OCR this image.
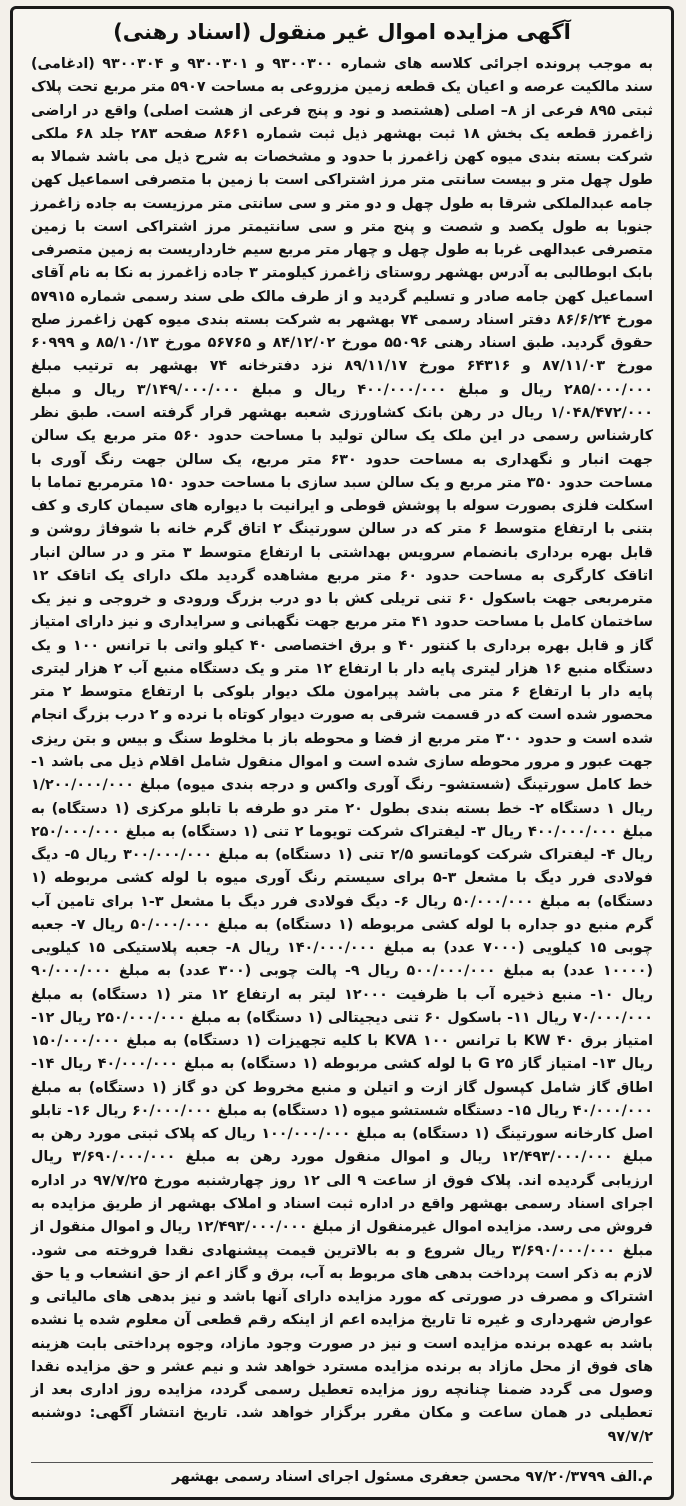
آگهی مزایده اموال غیر منقول (اسناد رهنی)
به موجب پرونده اجرائی کلاسه های شماره ۹۳۰۰۳۰۰ و ۹۳۰۰۳۰۱ و ۹۳۰۰۳۰۴ (ادغامی) سند مالکیت عرصه و اعیان یک قطعه زمین مزروعی به مساحت ۵۹۰۷ متر مربع تحت پلاک ثبتی ۸۹۵ فرعی از ۸– اصلی (هشتصد و نود و پنج فرعی از هشت اصلی) واقع در اراضی زاغمرز قطعه یک بخش ۱۸ ثبت بهشهر ذیل ثبت شماره ۸۶۶۱ صفحه ۲۸۳ جلد ۶۸ ملکی شرکت بسته بندی میوه کهن زاغمرز با حدود و مشخصات به شرح ذیل می باشد شمالا به طول چهل متر و بیست سانتی متر مرز اشتراکی است با زمین با متصرفی اسماعیل کهن جامه عبدالملکی شرقا به طول چهل و دو متر و سی سانتی متر مرزیست به جاده زاغمرز جنوبا به طول یکصد و شصت و پنج متر و سی سانتیمتر مرز اشتراکی است با زمین متصرفی عبدالهی غربا به طول چهل و چهار متر مربع سیم خارداریست به زمین متصرفی بابک ابوطالبی به آدرس بهشهر روستای زاغمرز کیلومتر ۳ جاده زاغمرز به نکا به نام آقای اسماعیل کهن جامه صادر و تسلیم گردید و از طرف مالک طی سند رسمی شماره ۵۷۹۱۵ مورخ ۸۶/۶/۲۴ دفتر اسناد رسمی ۷۴ بهشهر به شرکت بسته بندی میوه کهن زاغمرز صلح حقوق گردید. طبق اسناد رهنی ۵۵۰۹۶ مورخ ۸۴/۱۲/۰۲ و ۵۶۷۶۵ مورخ ۸۵/۱۰/۱۳ و ۶۰۹۹۹ مورخ ۸۷/۱۱/۰۳ و ۶۴۳۱۶ مورخ ۸۹/۱۱/۱۷ نزد دفترخانه ۷۴ بهشهر به ترتیب مبلغ ۲۸۵/۰۰۰/۰۰۰ ریال و مبلغ ۴۰۰/۰۰۰/۰۰۰ ریال و مبلغ ۳/۱۴۹/۰۰۰/۰۰۰ ریال و مبلغ ۱/۰۴۸/۴۷۲/۰۰۰ ریال در رهن بانک کشاورزی شعبه بهشهر قرار گرفته است. طبق نظر کارشناس رسمی در این ملک یک سالن تولید با مساحت حدود ۵۶۰ متر مربع یک سالن جهت انبار و نگهداری به مساحت حدود ۶۳۰ متر مربع، یک سالن جهت رنگ آوری با مساحت حدود ۳۵۰ متر مربع و یک سالن سبد سازی با مساحت حدود ۱۵۰ مترمربع تماما با اسکلت فلزی بصورت سوله با پوشش قوطی و ایرانیت با دیواره های سیمان کاری و کف بتنی با ارتفاع متوسط ۶ متر که در سالن سورتینگ ۲ اتاق گرم خانه با شوفاژ روشن و قابل بهره برداری بانضمام سرویس بهداشتی با ارتفاع متوسط ۳ متر و در سالن انبار اتاقک کارگری به مساحت حدود ۶۰ متر مربع مشاهده گردید ملک دارای یک اتاقک ۱۲ مترمربعی جهت باسکول ۶۰ تنی تریلی کش با دو درب بزرگ ورودی و خروجی و نیز یک ساختمان کامل با مساحت حدود ۴۱ متر مربع جهت نگهبانی و سرایداری و نیز دارای امتیاز گاز و قابل بهره برداری با کنتور ۴۰ و برق اختصاصی ۴۰ کیلو واتی با ترانس ۱۰۰ و یک دستگاه منبع ۱۶ هزار لیتری پایه دار با ارتفاع ۱۲ متر و یک دستگاه منبع آب ۲ هزار لیتری پایه دار با ارتفاع ۶ متر می باشد پیرامون ملک دیوار بلوکی با ارتفاع متوسط ۲ متر محصور شده است که در قسمت شرقی به صورت دیوار کوتاه با نرده و ۲ درب بزرگ انجام شده است و حدود ۳۰۰ متر مربع از فضا و محوطه باز با مخلوط سنگ و بیس و بتن ریزی جهت عبور و مرور محوطه سازی شده است و اموال منقول شامل اقلام ذیل می باشد ۱- خط کامل سورتینگ (شستشو– رنگ آوری واکس و درجه بندی میوه) مبلغ ۱/۲۰۰/۰۰۰/۰۰۰ ریال ۱ دستگاه ۲- خط بسته بندی بطول ۲۰ متر دو طرفه با تابلو مرکزی (۱ دستگاه) به مبلغ ۴۰۰/۰۰۰/۰۰۰ ریال ۳- لیفتراک شرکت تویوما ۲ تنی (۱ دستگاه) به مبلغ ۲۵۰/۰۰۰/۰۰۰ ریال ۴- لیفتراک شرکت کوماتسو ۲/۵ تنی (۱ دستگاه) به مبلغ ۳۰۰/۰۰۰/۰۰۰ ریال ۵- دیگ فولادی فرر دیگ با مشعل ۳-۵ برای سیستم رنگ آوری میوه با لوله کشی مربوطه (۱ دستگاه) به مبلغ ۵۰/۰۰۰/۰۰۰ ریال ۶- دیگ فولادی فرر دیگ با مشعل ۳-۱ برای تامین آب گرم منبع دو جداره با لوله کشی مربوطه (۱ دستگاه) به مبلغ ۵۰/۰۰۰/۰۰۰ ریال ۷- جعبه چوبی ۱۵ کیلویی (۷۰۰۰ عدد) به مبلغ ۱۴۰/۰۰۰/۰۰۰ ریال ۸- جعبه پلاستیکی ۱۵ کیلویی (۱۰۰۰۰ عدد) به مبلغ ۵۰۰/۰۰۰/۰۰۰ ریال ۹- پالت چوبی (۳۰۰ عدد) به مبلغ ۹۰/۰۰۰/۰۰۰ ریال ۱۰- منبع ذخیره آب با ظرفیت ۱۲۰۰۰ لیتر به ارتفاع ۱۲ متر (۱ دستگاه) به مبلغ ۷۰/۰۰۰/۰۰۰ ریال ۱۱- باسکول ۶۰ تنی دیجیتالی (۱ دستگاه) به مبلغ ۲۵۰/۰۰۰/۰۰۰ ریال ۱۲- امتیاز برق ۴۰ KW با ترانس ۱۰۰ KVA با کلیه تجهیزات (۱ دستگاه) به مبلغ ۱۵۰/۰۰۰/۰۰۰ ریال ۱۳- امتیاز گاز G ۲۵ با لوله کشی مربوطه (۱ دستگاه) به مبلغ ۴۰/۰۰۰/۰۰۰ ریال ۱۴- اطاق گاز شامل کپسول گاز ازت و اتیلن و منبع مخروط کن دو گاز (۱ دستگاه) به مبلغ ۴۰/۰۰۰/۰۰۰ ریال ۱۵- دستگاه شستشو میوه (۱ دستگاه) به مبلغ ۶۰/۰۰۰/۰۰۰ ریال ۱۶- تابلو اصل کارخانه سورتینگ (۱ دستگاه) به مبلغ ۱۰۰/۰۰۰/۰۰۰ ریال که پلاک ثبتی مورد رهن به مبلغ ۱۲/۴۹۳/۰۰۰/۰۰۰ ریال و اموال منقول مورد رهن به مبلغ ۳/۶۹۰/۰۰۰/۰۰۰ ریال ارزیابی گردیده اند. پلاک فوق از ساعت ۹ الی ۱۲ روز چهارشنبه مورخ ۹۷/۷/۲۵ در اداره اجرای اسناد رسمی بهشهر واقع در اداره ثبت اسناد و املاک بهشهر از طریق مزایده به فروش می رسد. مزایده اموال غیرمنقول از مبلغ ۱۲/۴۹۳/۰۰۰/۰۰۰ ریال و اموال منقول از مبلغ ۳/۶۹۰/۰۰۰/۰۰۰ ریال شروع و به بالاترین قیمت پیشنهادی نقدا فروخته می شود. لازم به ذکر است پرداخت بدهی های مربوط به آب، برق و گاز اعم از حق انشعاب و یا حق اشتراک و مصرف در صورتی که مورد مزایده دارای آنها باشد و نیز بدهی های مالیاتی و عوارض شهرداری و غیره تا تاریخ مزایده اعم از اینکه رقم قطعی آن معلوم شده یا نشده باشد به عهده برنده مزایده است و نیز در صورت وجود مازاد، وجوه پرداختی بابت هزینه های فوق از محل مازاد به برنده مزایده مسترد خواهد شد و نیم عشر و حق مزایده نقدا وصول می گردد ضمنا چنانچه روز مزایده تعطیل رسمی گردد، مزایده روز اداری بعد از تعطیلی در همان ساعت و مکان مقرر برگزار خواهد شد. تاریخ انتشار آگهی: دوشنبه ۹۷/۷/۲
م.الف ۹۷/۲۰/۳۷۹۹ محسن جعفری مسئول اجرای اسناد رسمی بهشهر
